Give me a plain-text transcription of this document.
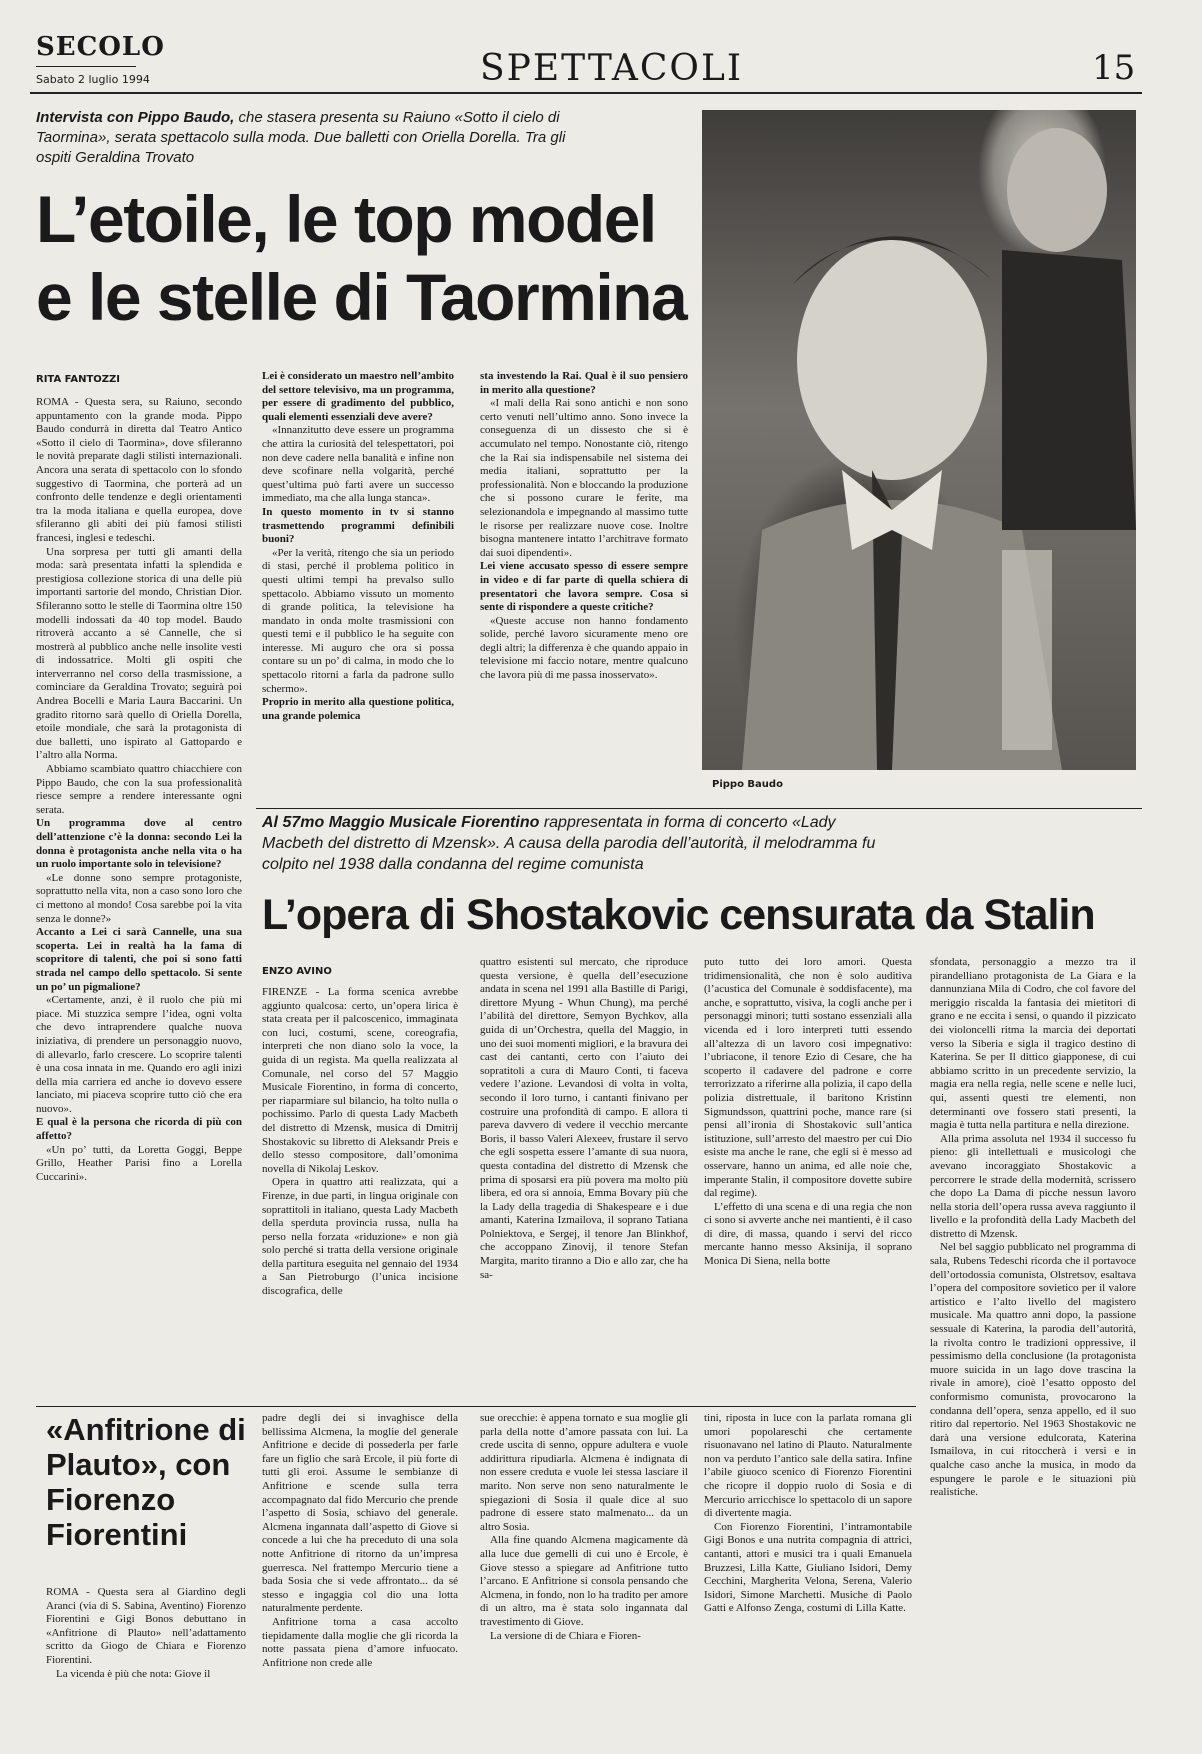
SECOLO
Sabato 2 luglio 1994	SPETTACOLI	15
Intervista con Pippo Baudo, che stasera presenta su Raiuno «Sotto il cielo di Taormina», serata spettacolo sulla moda. Due balletti con Oriella Dorella. Tra gli ospiti Geraldina Trovato
L’etoile, le top model
e le stelle di Taormina
RITA FANTOZZI

ROMA - Questa sera, su Raiuno, secondo appuntamento con la grande moda. Pippo Baudo condurrà in diretta dal Teatro Antico «Sotto il cielo di Taormina», dove sfileranno le novità preparate dagli stilisti internazionali. Ancora una serata di spettacolo con lo sfondo suggestivo di Taormina, che porterà ad un confronto delle tendenze e degli orientamenti tra la moda italiana e quella europea, dove sfileranno gli abiti dei più famosi stilisti francesi, inglesi e tedeschi.

Una sorpresa per tutti gli amanti della moda: sarà presentata infatti la splendida e prestigiosa collezione storica di una delle più importanti sartorie del mondo, Christian Dior. Sfileranno sotto le stelle di Taormina oltre 150 modelli indossati da 40 top model. Baudo ritroverà accanto a sé Cannelle, che si mostrerà al pubblico anche nelle insolite vesti di indossatrice. Molti gli ospiti che interverranno nel corso della trasmissione, a cominciare da Geraldina Trovato; seguirà poi Andrea Bocelli e Maria Laura Baccarini. Un gradito ritorno sarà quello di Oriella Dorella, etoile mondiale, che sarà la protagonista di due balletti, uno ispirato al Gattopardo e l’altro alla Norma.

Abbiamo scambiato quattro chiacchiere con Pippo Baudo, che con la sua professionalità riesce sempre a rendere interessante ogni serata.

Un programma dove al centro dell’attenzione c’è la donna: secondo Lei la donna è protagonista anche nella vita o ha un ruolo importante solo in televisione?

«Le donne sono sempre protagoniste, soprattutto nella vita, non a caso sono loro che ci mettono al mondo! Cosa sarebbe poi la vita senza le donne?»

Accanto a Lei ci sarà Cannelle, una sua scoperta. Lei in realtà ha la fama di scopritore di talenti, che poi si sono fatti strada nel campo dello spettacolo. Si sente un po’ un pigmalione?

«Certamente, anzi, è il ruolo che più mi piace. Mi stuzzica sempre l’idea, ogni volta che devo intraprendere qualche nuova iniziativa, di prendere un personaggio nuovo, di allevarlo, farlo crescere. Lo scoprire talenti è una cosa innata in me. Quando ero agli inizi della mia carriera ed anche io dovevo essere lanciato, mi piaceva scoprire tutto ciò che era nuovo».

E qual è la persona che ricorda di più con affetto?

«Un po’ tutti, da Loretta Goggi, Beppe Grillo, Heather Parisi fino a Lorella Cuccarini».

Lei è considerato un maestro nell’ambito del settore televisivo, ma un programma, per essere di gradimento del pubblico, quali elementi essenziali deve avere?

«Innanzitutto deve essere un programma che attira la curiosità del telespettatori, poi non deve cadere nella banalità e infine non deve scofinare nella volgarità, perché quest’ultima può farti avere un successo immediato, ma che alla lunga stanca».

In questo momento in tv si stanno trasmettendo programmi definibili buoni?

«Per la verità, ritengo che sia un periodo di stasi, perché il problema politico in questi ultimi tempi ha prevalso sullo spettacolo. Abbiamo vissuto un momento di grande politica, la televisione ha mandato in onda molte trasmissioni con questi temi e il pubblico le ha seguite con interesse. Mi auguro che ora si possa contare su un po’ di calma, in modo che lo spettacolo ritorni a farla da padrone sullo schermo».

Proprio in merito alla questione politica, una grande polemica

sta investendo la Rai. Qual è il suo pensiero in merito alla questione?

«I mali della Rai sono antichi e non sono certo venuti nell’ultimo anno. Sono invece la conseguenza di un dissesto che si è accumulato nel tempo. Nonostante ciò, ritengo che la Rai sia indispensabile nel sistema dei media italiani, soprattutto per la professionalità. Non e bloccando la produzione che si possono curare le ferite, ma selezionandola e impegnando al massimo tutte le risorse per realizzare nuove cose. Inoltre bisogna mantenere intatto l’architrave formato dai suoi dipendenti».

Lei viene accusato spesso di essere sempre in video e di far parte di quella schiera di presentatori che lavora sempre. Cosa si sente di rispondere a queste critiche?

«Queste accuse non hanno fondamento solide, perché lavoro sicuramente meno ore degli altri; la differenza è che quando appaio in televisione mi faccio notare, mentre qualcuno che lavora più di me passa inosservato».

Pippo Baudo
Al 57mo Maggio Musicale Fiorentino rappresentata in forma di concerto «Lady Macbeth del distretto di Mzensk». A causa della parodia dell’autorità, il melodramma fu colpito nel 1938 dalla condanna del regime comunista
L’opera di Shostakovic censurata da Stalin
ENZO AVINO

FIRENZE - La forma scenica avrebbe aggiunto qualcosa: certo, un’opera lirica è stata creata per il palcoscenico, immaginata con luci, costumi, scene, coreografia, interpreti che non diano solo la voce, la guida di un regista. Ma quella realizzata al Comunale, nel corso del 57 Maggio Musicale Fiorentino, in forma di concerto, per riaparmiare sul bilancio, ha tolto nulla o pochissimo. Parlo di questa Lady Macbeth del distretto di Mzensk, musica di Dmitrij Shostakovic su libretto di Aleksandr Preis e dello stesso compositore, dall’omonima novella di Nikolaj Leskov.

Opera in quattro atti realizzata, qui a Firenze, in due parti, in lingua originale con soprattitoli in italiano, questa Lady Macbeth della sperduta provincia russa, nulla ha perso nella forzata «riduzione» e non già solo perché si tratta della versione originale della partitura eseguita nel gennaio del 1934 a San Pietroburgo (l’unica incisione discografica, delle

quattro esistenti sul mercato, che riproduce questa versione, è quella dell’esecuzione andata in scena nel 1991 alla Bastille di Parigi, direttore Myung - Whun Chung), ma perché l’abilità del direttore, Semyon Bychkov, alla guida di un’Orchestra, quella del Maggio, in uno dei suoi momenti migliori, e la bravura dei cast dei cantanti, certo con l’aiuto dei sopratitoli a cura di Mauro Conti, ti faceva vedere l’azione. Levandosi di volta in volta, secondo il loro turno, i cantanti finivano per costruire una profondità di campo. E allora ti pareva davvero di vedere il vecchio mercante Boris, il basso Valeri Alexeev, frustare il servo che egli sospetta essere l’amante di sua nuora, questa contadina del distretto di Mzensk che prima di sposarsi era più povera ma molto più libera, ed ora si annoia, Emma Bovary più che la Lady della tragedia di Shakespeare e i due amanti, Katerina Izmailova, il soprano Tatiana Polniektova, e Sergej, il tenore Jan Blinkhof, che accoppano Zinovij, il tenore Stefan Margita, marito tiranno a Dio e allo zar, che ha sa-

puto tutto dei loro amori. Questa tridimensionalità, che non è solo auditiva (l’acustica del Comunale è soddisfacente), ma anche, e soprattutto, visiva, la cogli anche per i personaggi minori; tutti sostano essenziali alla vicenda ed i loro interpreti tutti essendo all’altezza di un lavoro così impegnativo: l’ubriacone, il tenore Ezio di Cesare, che ha scoperto il cadavere del padrone e corre terrorizzato a riferirne alla polizia, il capo della polizia distrettuale, il baritono Kristinn Sigmundsson, quattrini poche, mance rare (si pensi all’ironia di Shostakovic sull’antica istituzione, sull’arresto del maestro per cui Dio esiste ma anche le rane, che egli si è messo ad osservare, hanno un anima, ed alle noie che, imperante Stalin, il compositore dovette subire dal regime).

L’effetto di una scena e di una regia che non ci sono si avverte anche nei mantienti, è il caso di dire, di massa, quando i servi del ricco mercante hanno messo Aksinija, il soprano Monica Di Siena, nella botte

sfondata, personaggio a mezzo tra il pirandelliano protagonista de La Giara e la dannunziana Mila di Codro, che col favore del meriggio riscalda la fantasia dei mietitori di grano e ne eccita i sensi, o quando il pizzicato dei violoncelli ritma la marcia dei deportati verso la Siberia e sigla il tragico destino di Katerina. Se per Il dittico giapponese, di cui abbiamo scritto in un precedente servizio, la magia era nella regia, nelle scene e nelle luci, qui, assenti questi tre elementi, non determinanti ove fossero stati presenti, la magia è tutta nella partitura e nella direzione.

Alla prima assoluta nel 1934 il successo fu pieno: gli intellettuali e musicologi che avevano incoraggiato Shostakovic a percorrere le strade della modernità, scrissero che dopo La Dama di picche nessun lavoro nella storia dell’opera russa aveva raggiunto il livello e la profondità della Lady Macbeth del distretto di Mzensk.

Nel bel saggio pubblicato nel programma di sala, Rubens Tedeschi ricorda che il portavoce dell’ortodossia comunista, Olstretsov, esaltava l’opera del compositore sovietico per il valore artistico e l’alto livello del magistero musicale. Ma quattro anni dopo, la passione sessuale di Katerina, la parodia dell’autorità, la rivolta contro le tradizioni oppressive, il pessimismo della conclusione (la protagonista muore suicida in un lago dove trascina la rivale in amore), cioè l’esatto opposto del conformismo comunista, provocarono la condanna dell’opera, senza appello, ed il suo ritiro dal repertorio. Nel 1963 Shostakovic ne darà una versione edulcorata, Katerina Ismailova, in cui ritoccherà i versi e in qualche caso anche la musica, in modo da espungere le parole e le situazioni più realistiche.

«Anfitrione di Plauto», con Fiorenzo Fiorentini

ROMA - Questa sera al Giardino degli Aranci (via di S. Sabina, Aventino) Fiorenzo Fiorentini e Gigi Bonos debuttano in «Anfitrione di Plauto» nell’adattamento scritto da Giogo de Chiara e Fiorenzo Fiorentini.

La vicenda è più che nota: Giove il

padre degli dei si invaghisce della bellissima Alcmena, la moglie del generale Anfitrione e decide di possederla per farle fare un figlio che sarà Ercole, il più forte di tutti gli eroi. Assume le sembianze di Anfitrione e scende sulla terra accompagnato dal fido Mercurio che prende l’aspetto di Sosia, schiavo del generale. Alcmena ingannata dall’aspetto di Giove si concede a lui che ha preceduto di una sola notte Anfitrione di ritorno da un’impresa guerresca. Nel frattempo Mercurio tiene a bada Sosia che si vede affrontato... da sé stesso e ingaggia col dio una lotta naturalmente perdente.

Anfitrione torna a casa accolto tiepidamente dalla moglie che gli ricorda la notte passata piena d’amore infuocato. Anfitrione non crede alle

sue orecchie: è appena tornato e sua moglie gli parla della notte d’amore passata con lui. La crede uscita di senno, oppure adultera e vuole addirittura ripudiarla. Alcmena è indignata di non essere creduta e vuole lei stessa lasciare il marito. Non serve non seno naturalmente le spiegazioni di Sosia il quale dice al suo padrone di essere stato malmenato... da un altro Sosia.

Alla fine quando Alcmena magicamente dà alla luce due gemelli di cui uno è Ercole, è Giove stesso a spiegare ad Anfitrione tutto l’arcano. E Anfitrione si consola pensando che Alcmena, in fondo, non lo ha tradito per amore di un altro, ma è stata solo ingannata dal travestimento di Giove.

La versione di de Chiara e Fioren-

tini, riposta in luce con la parlata romana gli umori popolareschi che certamente risuonavano nel latino di Plauto. Naturalmente non va perduto l’antico sale della satira. Infine l’abile giuoco scenico di Fiorenzo Fiorentini che ricopre il doppio ruolo di Sosia e di Mercurio arricchisce lo spettacolo di un sapore di divertente magia.

Con Fiorenzo Fiorentini, l’intramontabile Gigi Bonos e una nutrita compagnia di attrici, cantanti, attori e musici tra i quali Emanuela Bruzzesi, Lilla Katte, Giuliano Isidori, Demy Cecchini, Margherita Velona, Serena, Valerio Isidori, Simone Marchetti. Musiche di Paolo Gatti e Alfonso Zenga, costumi di Lilla Katte.
